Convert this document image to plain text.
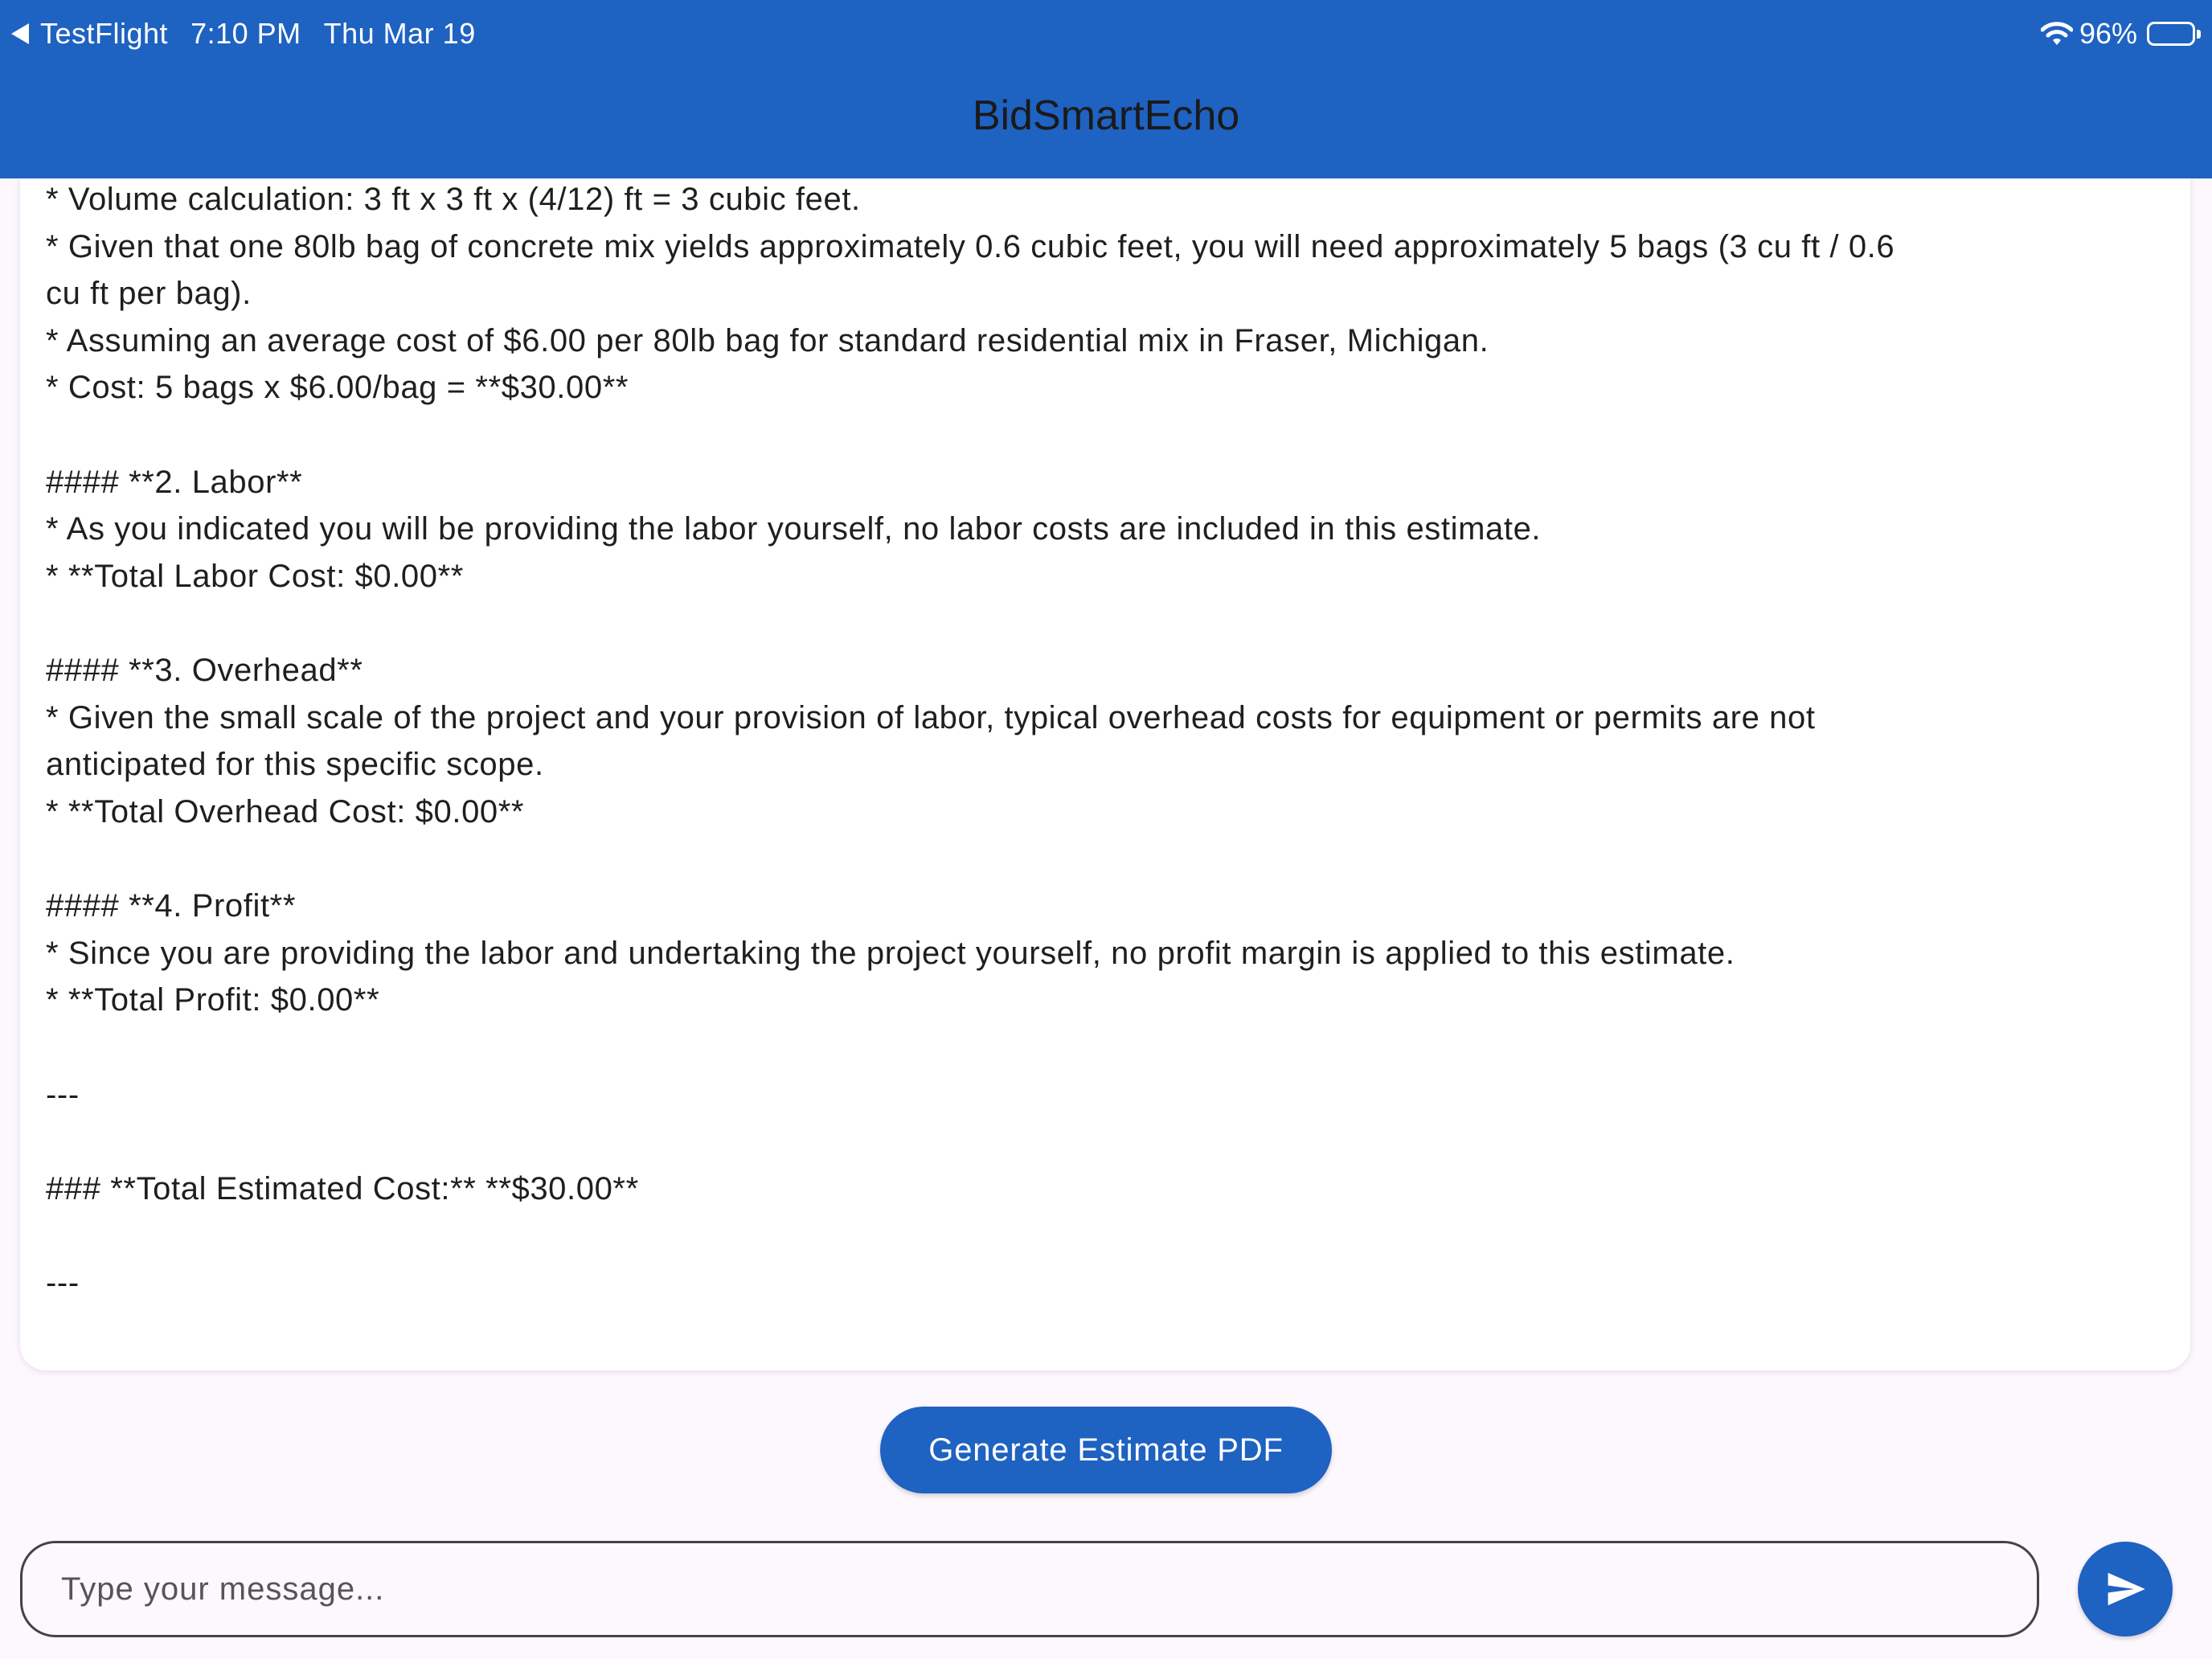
TestFlight 7:10 PM Thu Mar 19	96%
BidSmartEcho
* Volume calculation: 3 ft x 3 ft x (4/12) ft = 3 cubic feet.
* Given that one 80lb bag of concrete mix yields approximately 0.6 cubic feet, you will need approximately 5 bags (3 cu ft / 0.6
cu ft per bag).
* Assuming an average cost of $6.00 per 80lb bag for standard residential mix in Fraser, Michigan.
* Cost: 5 bags x $6.00/bag = **$30.00**
#### **2. Labor**
* As you indicated you will be providing the labor yourself, no labor costs are included in this estimate.
* **Total Labor Cost: $0.00**
#### **3. Overhead**
* Given the small scale of the project and your provision of labor, typical overhead costs for equipment or permits are not
anticipated for this specific scope.
* **Total Overhead Cost: $0.00**
#### **4. Profit**
* Since you are providing the labor and undertaking the project yourself, no profit margin is applied to this estimate.
* **Total Profit: $0.00**
---
### **Total Estimated Cost:** **$30.00**
---
Generate Estimate PDF
Type your message...
